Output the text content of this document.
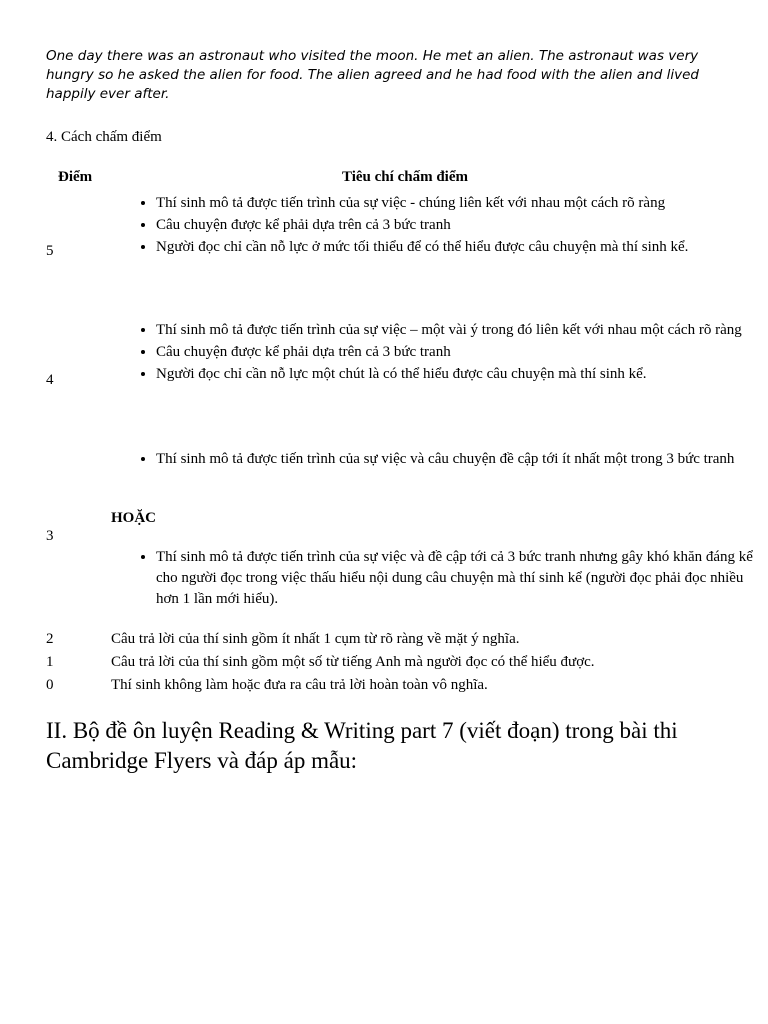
One day there was an astronaut who visited the moon. He met an alien. The astronaut was very hungry so he asked the alien for food. The alien agreed and he had food with the alien and lived happily ever after.

4. Cách chấm điểm

Điểm	Tiêu chí chấm điểm

5

• Thí sinh mô tả được tiến trình của sự việc - chúng liên kết với nhau một cách rõ ràng
• Câu chuyện được kể phải dựa trên cả 3 bức tranh
• Người đọc chỉ cần nỗ lực ở mức tối thiểu để có thể hiểu được câu chuyện mà thí sinh kể.

4

• Thí sinh mô tả được tiến trình của sự việc – một vài ý trong đó liên kết với nhau một cách rõ ràng
• Câu chuyện được kể phải dựa trên cả 3 bức tranh
• Người đọc chỉ cần nỗ lực một chút là có thể hiểu được câu chuyện mà thí sinh kể.

3

• Thí sinh mô tả được tiến trình của sự việc và câu chuyện đề cập tới ít nhất một trong 3 bức tranh

HOẶC

• Thí sinh mô tả được tiến trình của sự việc và đề cập tới cả 3 bức tranh nhưng gây khó khăn đáng kể cho người đọc trong việc thấu hiểu nội dung câu chuyện mà thí sinh kể (người đọc phải đọc nhiều hơn 1 lần mới hiểu).

2	Câu trả lời của thí sinh gồm ít nhất 1 cụm từ rõ ràng về mặt ý nghĩa.

1	Câu trả lời của thí sinh gồm một số từ tiếng Anh mà người đọc có thể hiểu được.

0	Thí sinh không làm hoặc đưa ra câu trả lời hoàn toàn vô nghĩa.

II. Bộ đề ôn luyện Reading & Writing part 7 (viết đoạn) trong bài thi Cambridge Flyers và đáp áp mẫu:
